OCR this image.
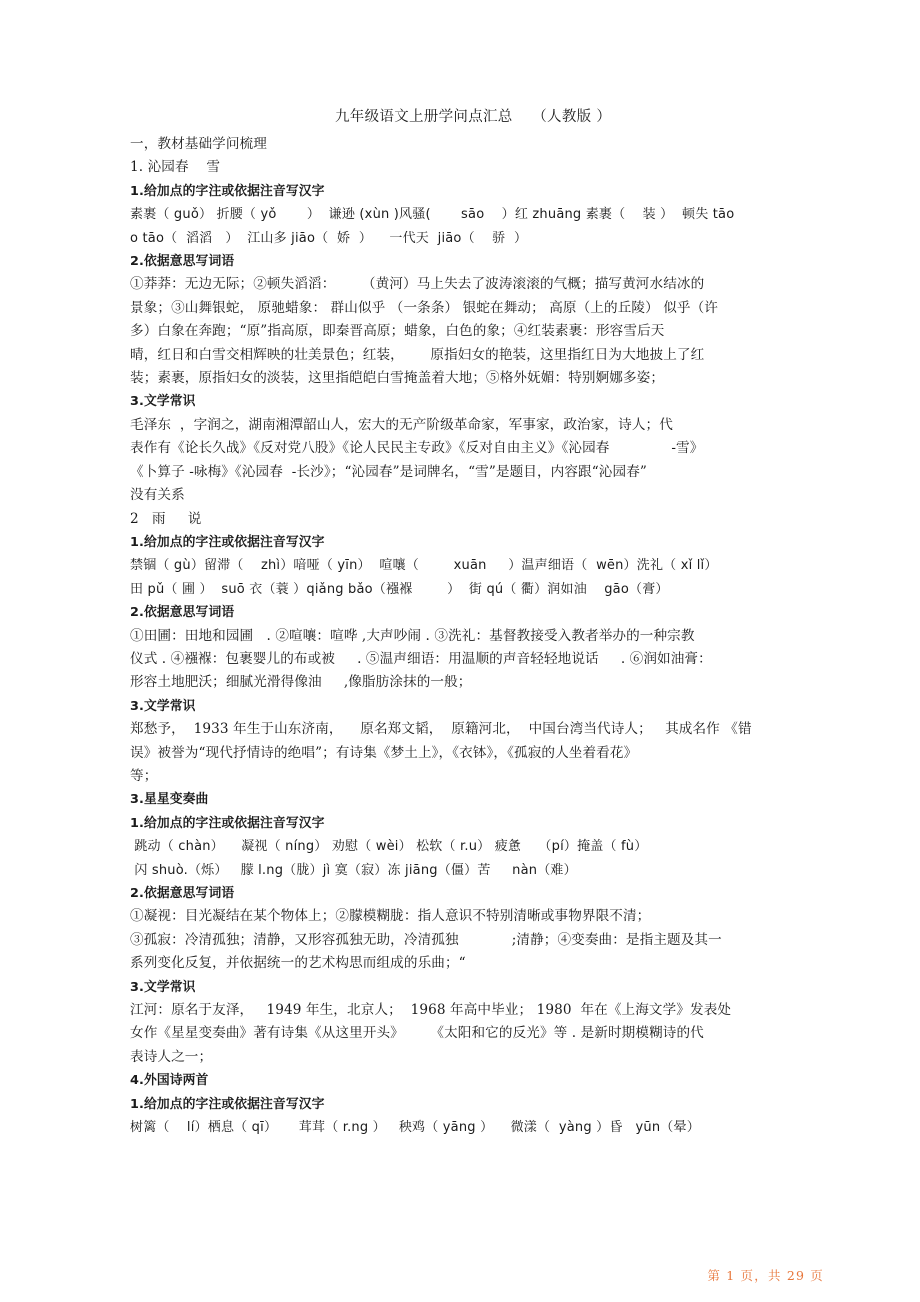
九年级语文上册学问点汇总    （人教版 ）
一，教材基础学问梳理
1. 沁园春    雪
1.给加点的字注或依据注音写汉字
素裹（ guǒ） 折腰（ yǒ       ）  谦逊 (xùn )风骚(       sāo    ）红 zhuāng 素裹（    装 ）  顿失 tāo
o tāo（  滔滔   ）  江山多 jiāo（  娇  ）    一代天  jiāo（    骄  ）
2.依据意思写词语
①莽莽：无边无际；②顿失滔滔：      （黄河）马上失去了波涛滚滚的气概；描写黄河水结冰的
景象；③山舞银蛇， 原驰蜡象： 群山似乎 （一条条） 银蛇在舞动； 高原（上的丘陵） 似乎（许
多）白象在奔跑；“原”指高原，即秦晋高原；蜡象，白色的象；④红装素裹：形容雪后天
晴，红日和白雪交相辉映的壮美景色；红装，      原指妇女的艳装，这里指红日为大地披上了红
装；素裹，原指妇女的淡装，这里指皑皑白雪掩盖着大地；⑤格外妩媚：特别婀娜多姿；
3.文学常识
毛泽东  ，字润之，湖南湘潭韶山人，宏大的无产阶级革命家，军事家，政治家，诗人；代
表作有《论长久战》《反对党八股》《论人民民主专政》《反对自由主义》《沁园春              -雪》
《卜算子 -咏梅》《沁园春  -长沙》；“沁园春”是词牌名，“雪”是题目，内容跟“沁园春”
没有关系
2   雨     说
1.给加点的字注或依据注音写汉字
禁锢（ gù）留滞（    zhì）喑哑（ yīn）  喧嚷（        xuān     ）温声细语（  wēn）洗礼（ xǐ lǐ）
田 pǔ（ 圃 ）  suō 衣（蓑 ）qiǎng bǎo（襁褓        ）  街 qú（ 衢）润如油    gāo（膏）
2.依据意思写词语
①田圃：田地和园圃   . ②喧嚷：喧哗 ,大声吵闹 . ③洗礼：基督教接受入教者举办的一种宗教
仪式 . ④襁褓：包裹婴儿的布或被     . ⑤温声细语：用温顺的声音轻轻地说话     . ⑥润如油膏：
形容土地肥沃；细腻光滑得像油     ,像脂肪涂抹的一般；
3.文学常识
郑愁予，  1933 年生于山东济南，    原名郑文韬，  原籍河北，  中国台湾当代诗人；   其成名作 《错
误》被誉为“现代抒情诗的绝唱”；有诗集《梦土上》，《衣钵》，《孤寂的人坐着看花》
等；
3.星星变奏曲
1.给加点的字注或依据注音写汉字
跳动（ chàn）    凝视（ níng） 劝慰（ wèi） 松软（ r.u） 疲惫    （pí）掩盖（ fù）
闪 shuò.（烁）   朦 l.ng（胧）jì 寞（寂）冻 jiāng（僵）苦     nàn（难）
2.依据意思写词语
①凝视：目光凝结在某个物体上；②朦模糊胧：指人意识不特别清晰或事物界限不清；
③孤寂：冷清孤独；清静，又形容孤独无助，冷清孤独            ;清静；④变奏曲：是指主题及其一
系列变化反复，并依据统一的艺术构思而组成的乐曲；“
3.文学常识
江河：原名于友泽，   1949 年生，北京人；  1968 年高中毕业； 1980  年在《上海文学》发表处
女作《星星变奏曲》著有诗集《从这里开头》      《太阳和它的反光》等 . 是新时期模糊诗的代
表诗人之一；
4.外国诗两首
1.给加点的字注或依据注音写汉字
树篱（    lí）栖息（ qī）     茸茸（ r.ng ）   秧鸡（ yāng ）    微漾（  yàng ）昏   yūn（晕）
第 1 页，共 29 页
